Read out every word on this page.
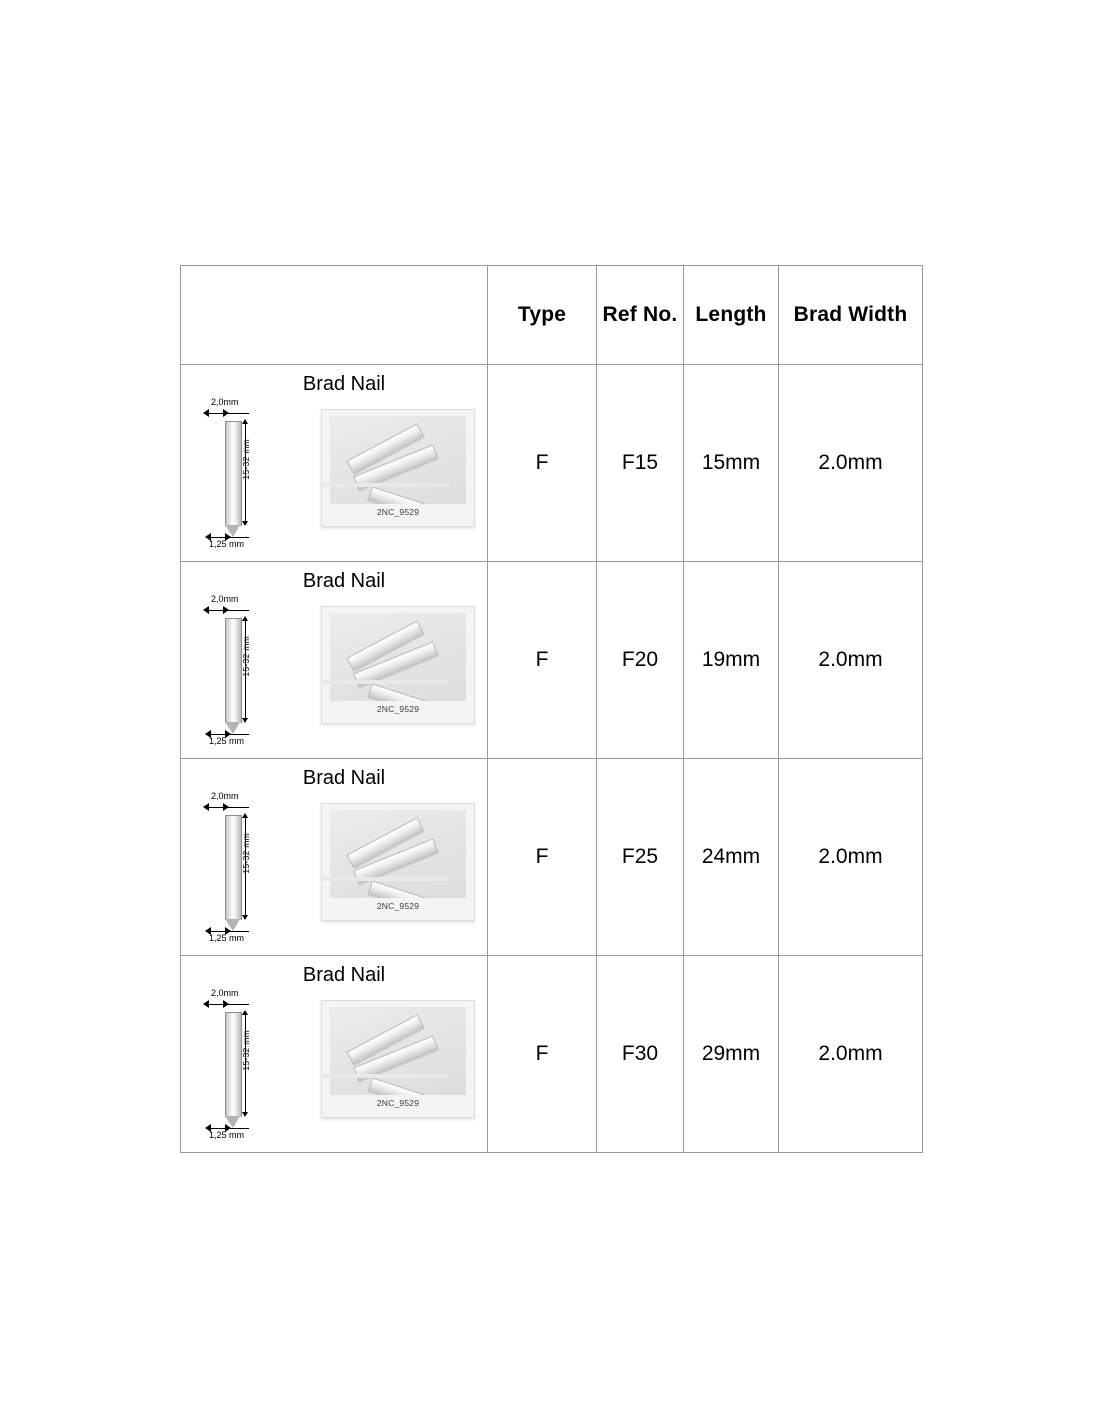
	Type	Ref No.	Length	Brad Width

Brad Nail
2,0mm
15-32 mm
1,25 mm
2NC_9529	F	F15	15mm	2.0mm

Brad Nail
2,0mm
15-32 mm
1,25 mm
2NC_9529	F	F20	19mm	2.0mm

Brad Nail
2,0mm
15-32 mm
1,25 mm
2NC_9529	F	F25	24mm	2.0mm

Brad Nail
2,0mm
15-32 mm
1,25 mm
2NC_9529	F	F30	29mm	2.0mm
